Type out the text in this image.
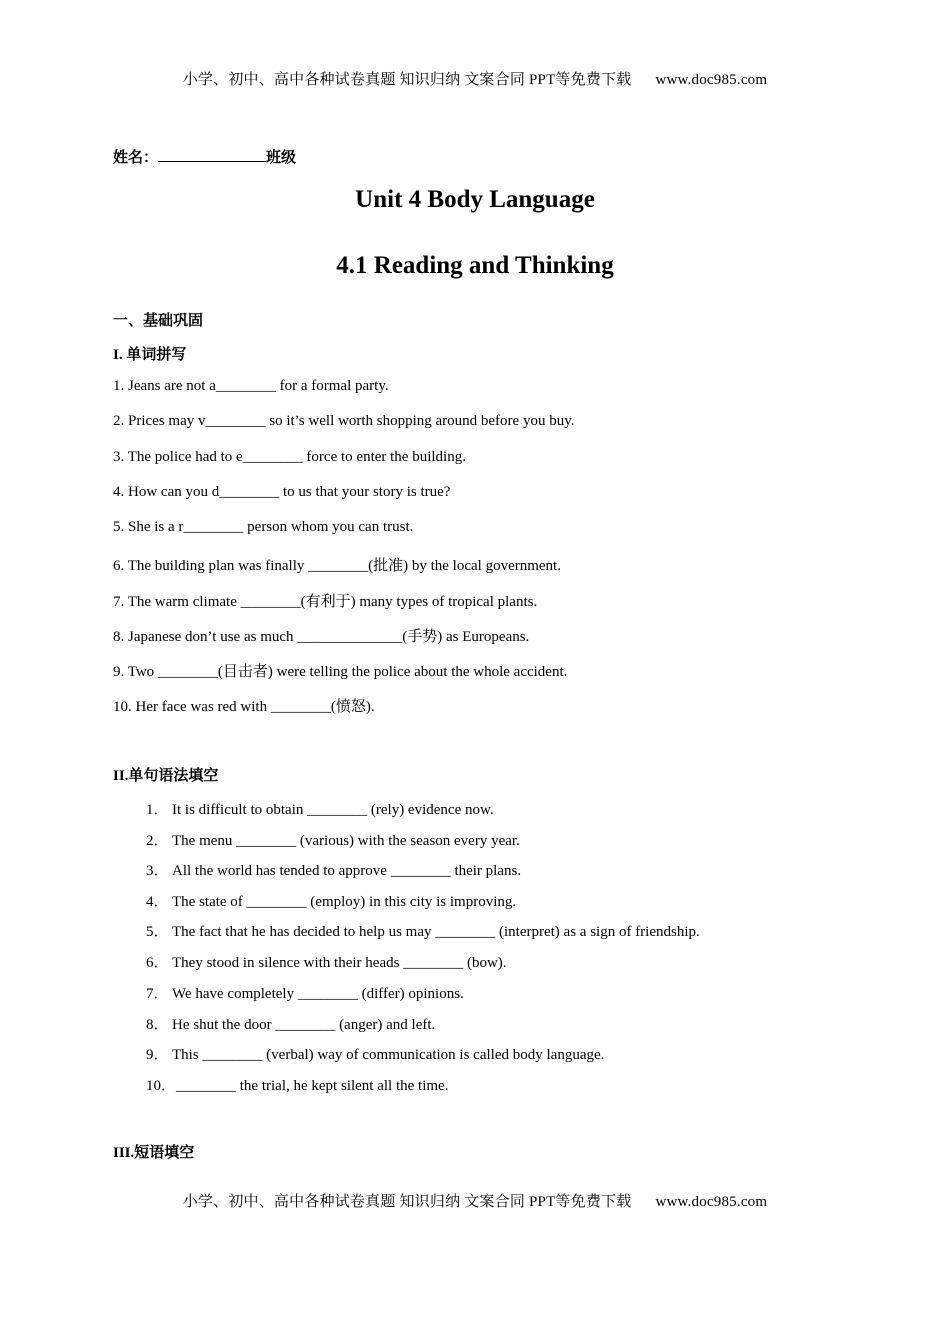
小学、初中、高中各种试卷真题 知识归纳 文案合同 PPT等免费下载 www.doc985.com
姓名：	班级
Unit 4 Body Language
4.1 Reading and Thinking
一、基础巩固
I. 单词拼写
1. Jeans are not a________ for a formal party.
2. Prices may v________ so it’s well worth shopping around before you buy.
3. The police had to e________ force to enter the building.
4. How can you d________ to us that your story is true?
5. She is a r________ person whom you can trust.
6. The building plan was finally ________(批准) by the local government.
7. The warm climate ________(有利于) many types of tropical plants.
8. Japanese don’t use as much ______________(手势) as Europeans.
9. Two ________(目击者) were telling the police about the whole accident.
10. Her face was red with ________(愤怒).
II.单句语法填空
1． It is difficult to obtain ________ (rely) evidence now.
2． The menu ________ (various) with the season every year.
3． All the world has tended to approve ________ their plans.
4． The state of ________ (employ) in this city is improving.
5． The fact that he has decided to help us may ________ (interpret) as a sign of friendship.
6． They stood in silence with their heads ________ (bow).
7． We have completely ________ (differ) opinions.
8． He shut the door ________ (anger) and left.
9． This ________ (verbal) way of communication is called body language.
10．________ the trial, he kept silent all the time.
III.短语填空
小学、初中、高中各种试卷真题 知识归纳 文案合同 PPT等免费下载 www.doc985.com
